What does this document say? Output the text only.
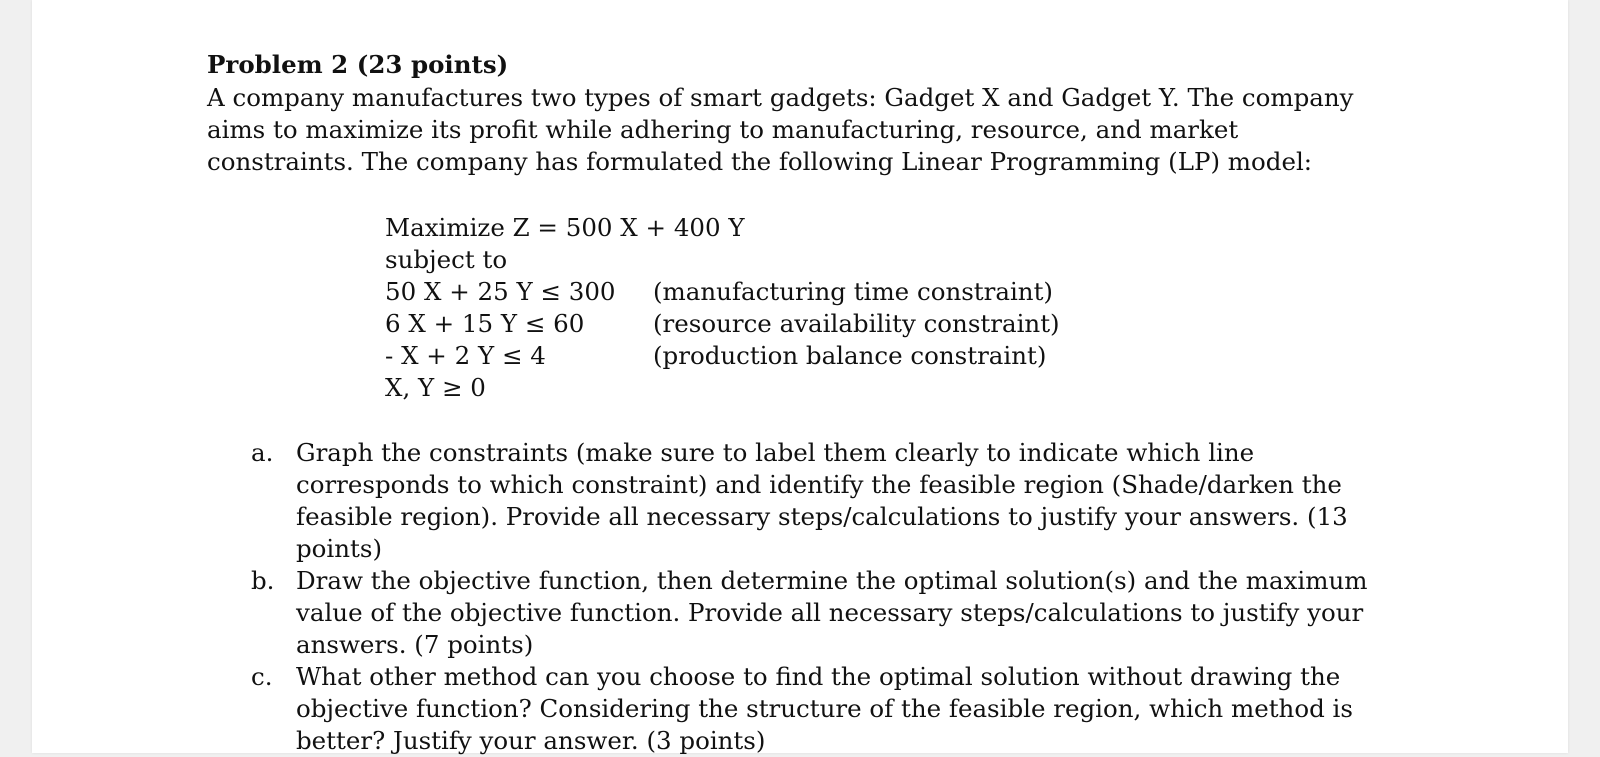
Problem 2 (23 points)

A company manufactures two types of smart gadgets: Gadget X and Gadget Y. The company aims to maximize its profit while adhering to manufacturing, resource, and market constraints. The company has formulated the following Linear Programming (LP) model:

Maximize Z = 500 X + 400 Y
subject to
50 X + 25 Y ≤ 300	(manufacturing time constraint)
6 X + 15 Y ≤ 60	(resource availability constraint)
- X + 2 Y ≤ 4	(production balance constraint)
X, Y ≥ 0
a. Graph the constraints (make sure to label them clearly to indicate which line corresponds to which constraint) and identify the feasible region (Shade/darken the feasible region). Provide all necessary steps/calculations to justify your answers. (13 points)
b. Draw the objective function, then determine the optimal solution(s) and the maximum value of the objective function. Provide all necessary steps/calculations to justify your answers. (7 points)
c. What other method can you choose to find the optimal solution without drawing the objective function? Considering the structure of the feasible region, which method is better? Justify your answer. (3 points)
